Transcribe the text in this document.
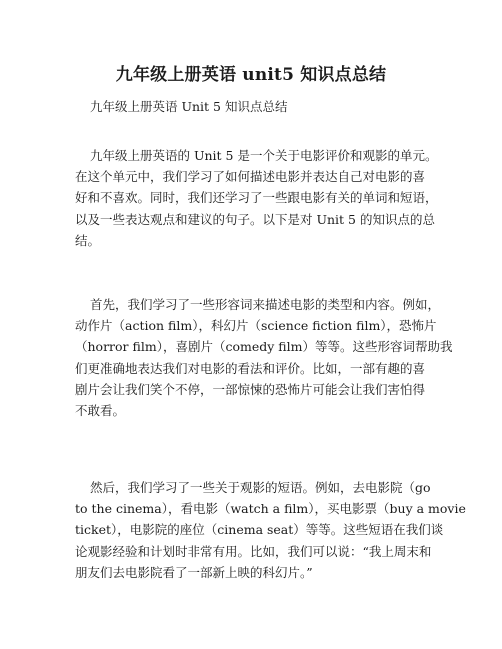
九年级上册英语 unit5 知识点总结
九年级上册英语 Unit 5 知识点总结
九年级上册英语的 Unit 5 是一个关于电影评价和观影的单元。
在这个单元中，我们学习了如何描述电影并表达自己对电影的喜
好和不喜欢。同时，我们还学习了一些跟电影有关的单词和短语，
以及一些表达观点和建议的句子。以下是对 Unit 5 的知识点的总
结。
首先，我们学习了一些形容词来描述电影的类型和内容。例如，
动作片（action film），科幻片（science fiction film），恐怖片
（horror film），喜剧片（comedy film）等等。这些形容词帮助我
们更准确地表达我们对电影的看法和评价。比如，一部有趣的喜
剧片会让我们笑个不停，一部惊悚的恐怖片可能会让我们害怕得
不敢看。
然后，我们学习了一些关于观影的短语。例如，去电影院（go
to the cinema），看电影（watch a film），买电影票（buy a movie
ticket），电影院的座位（cinema seat）等等。这些短语在我们谈
论观影经验和计划时非常有用。比如，我们可以说：“我上周末和
朋友们去电影院看了一部新上映的科幻片。”
